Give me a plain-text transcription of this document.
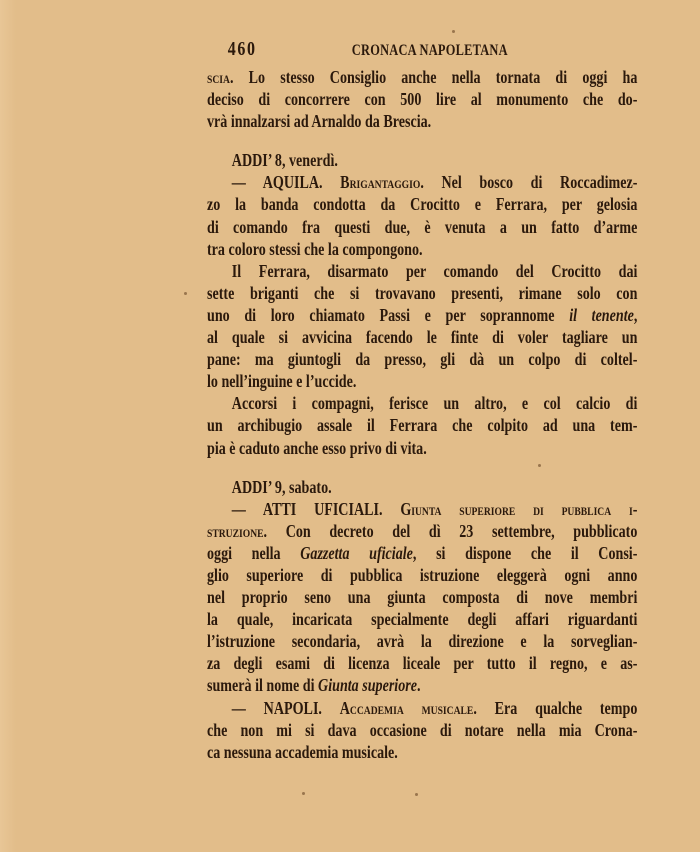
460	CRONACA NAPOLETANA
scia. Lo stesso Consiglio anche nella tornata di oggi ha
deciso di concorrere con 500 lire al monumento che do-
vrà innalzarsi ad Arnaldo da Brescia.
ADDI’ 8, venerdì.
— AQUILA. Brigantaggio. Nel bosco di Roccadimez-
zo la banda condotta da Crocitto e Ferrara, per gelosia
di comando fra questi due, è venuta a un fatto d’arme
tra coloro stessi che la compongono.
Il Ferrara, disarmato per comando del Crocitto dai
sette briganti che si trovavano presenti, rimane solo con
uno di loro chiamato Passi e per soprannome il tenente,
al quale si avvicina facendo le finte di voler tagliare un
pane: ma giuntogli da presso, gli dà un colpo di coltel-
lo nell’inguine e l’uccide.
Accorsi i compagni, ferisce un altro, e col calcio di
un archibugio assale il Ferrara che colpito ad una tem-
pia è caduto anche esso privo di vita.
ADDI’ 9, sabato.
— ATTI UFICIALI. Giunta superiore di pubblica i-
struzione. Con decreto del dì 23 settembre, pubblicato
oggi nella Gazzetta uficiale, si dispone che il Consi-
glio superiore di pubblica istruzione eleggerà ogni anno
nel proprio seno una giunta composta di nove membri
la quale, incaricata specialmente degli affari riguardanti
l’istruzione secondaria, avrà la direzione e la sorveglian-
za degli esami di licenza liceale per tutto il regno, e as-
sumerà il nome di Giunta superiore.
— NAPOLI. Accademia musicale. Era qualche tempo
che non mi si dava occasione di notare nella mia Crona-
ca nessuna accademia musicale.
